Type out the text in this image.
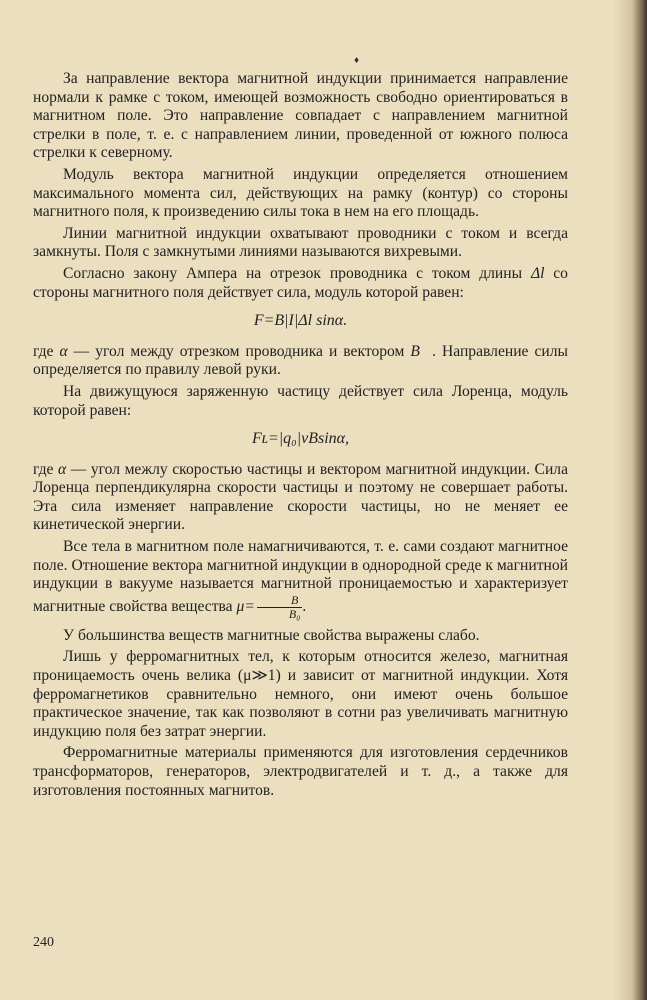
♦

За направление вектора магнитной индукции принимается направление нормали к рамке с током, имеющей возможность свободно ориентироваться в магнитном поле. Это направление совпадает с направлением магнитной стрелки в поле, т. е. с направлением линии, проведенной от южного полюса стрелки к северному.

Модуль вектора магнитной индукции определяется отношением максимального момента сил, действующих на рамку (контур) со стороны магнитного поля, к произведению силы тока в нем на его площадь.

Линии магнитной индукции охватывают проводники с током и всегда замкнуты. Поля с замкнутыми линиями называются вихревыми.

Согласно закону Ампера на отрезок проводника с током длины Δl со стороны магнитного поля действует сила, модуль которой равен:

F=B|I|Δl sinα.

где α — угол между отрезком проводника и вектором B⃗. Направление силы определяется по правилу левой руки.

На движущуюся заряженную частицу действует сила Лоренца, модуль которой равен:

Fʟ=|q₀|vBsinα,

где α — угол межлу скоростью частицы и вектором магнитной индукции. Сила Лоренца перпендикулярна скорости частицы и поэтому не совершает работы. Эта сила изменяет направление скорости частицы, но не меняет ее кинетической энергии.

Все тела в магнитном поле намагничиваются, т. е. сами создают магнитное поле. Отношение вектора магнитной индукции в однородной среде к магнитной индукции в вакууме называется магнитной проницаемостью и характеризует магнитные свойства вещества $\mu= \frac{B}{\text{B₀}}$ .

У большинства веществ магнитные свойства выражены слабо.

Лишь у ферромагнитных тел, к которым относится железо, магнитная проницаемость очень велика (μ≫1) и зависит от магнитной индукции. Хотя ферромагнетиков сравнительно немного, они имеют очень большое практическое значение, так как позволяют в сотни раз увеличивать магнитную индукцию поля без затрат энергии.

Ферромагнитные материалы применяются для изготовления сердечников трансформаторов, генераторов, электродвигателей и т. д., а также для изготовления постоянных магнитов.

240
